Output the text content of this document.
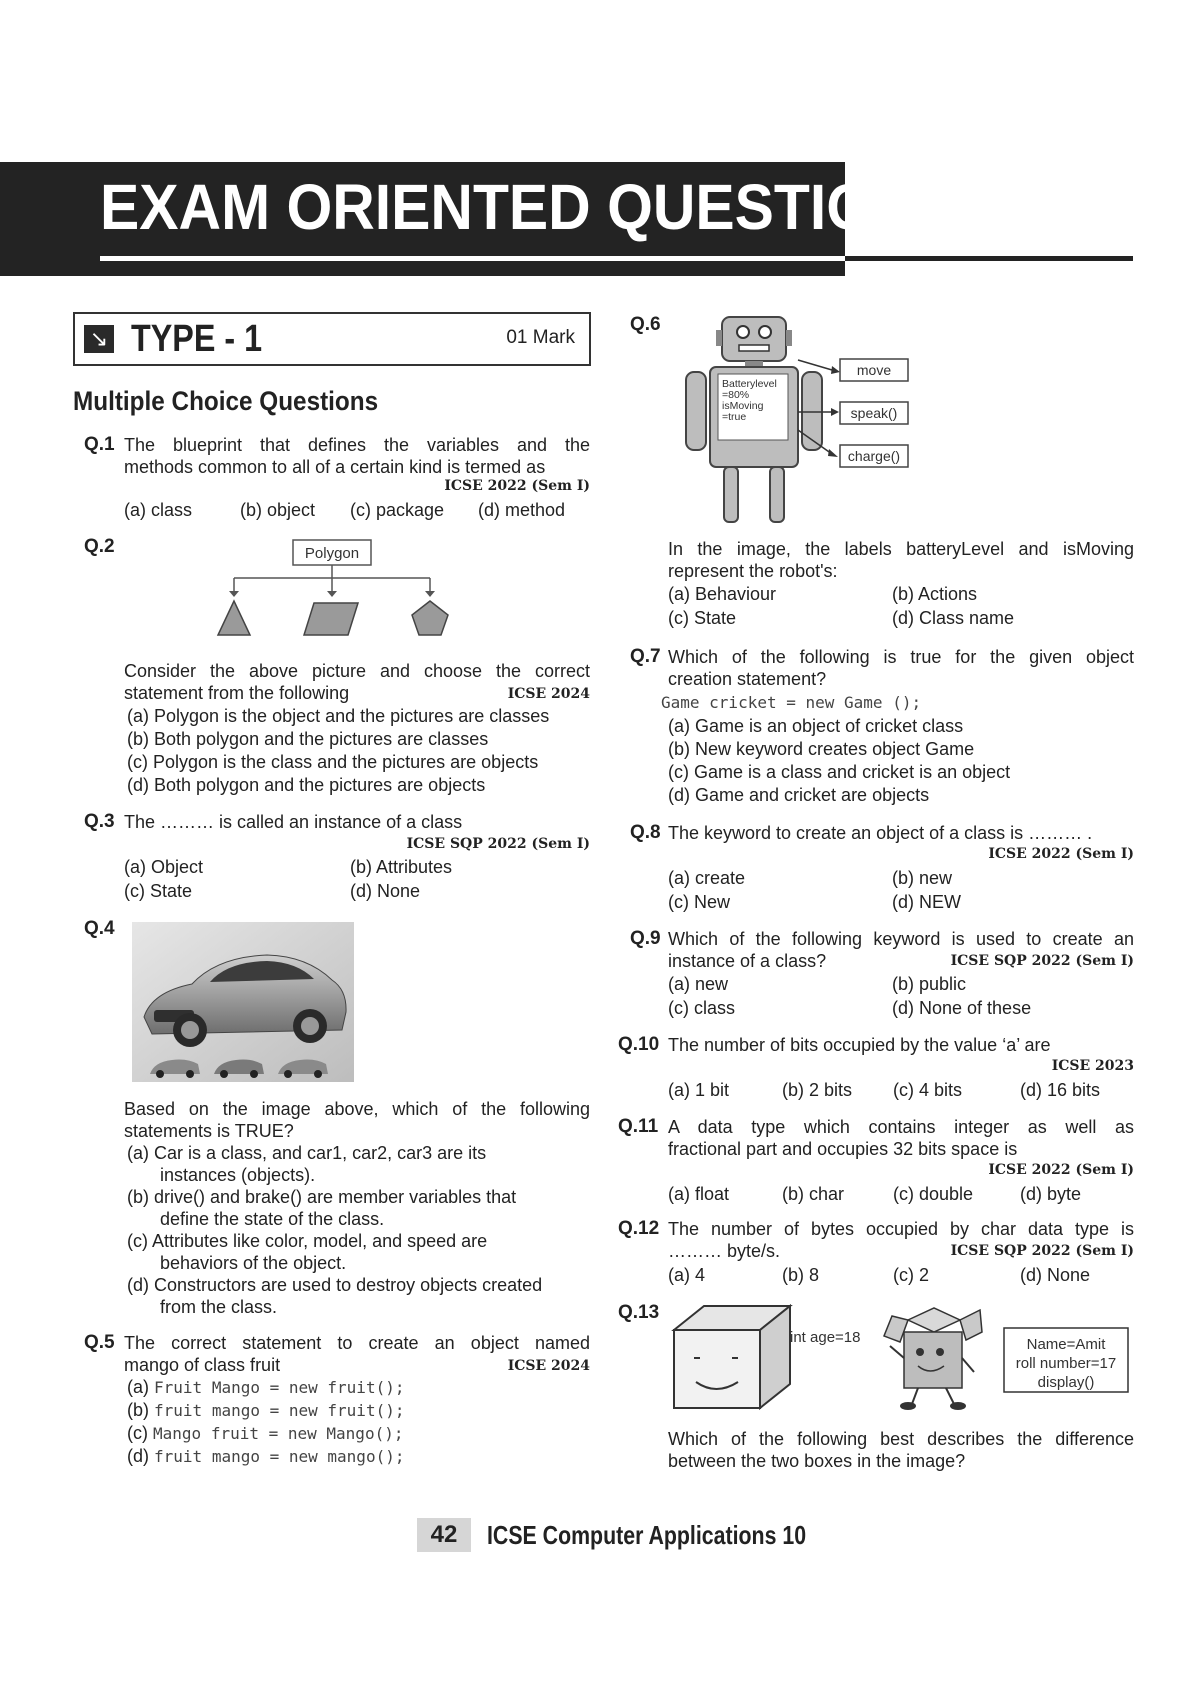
EXAM ORIENTED QUESTIONS
↘ TYPE - 1	01 Mark
Multiple Choice Questions
Q.1 The blueprint that defines the variables and the
methods common to all of a certain kind is termed as
ICSE 2022 (Sem I)
(a) class	(b) object (c) package (d) method
Q.2	Polygon
Consider the above picture and choose the correct
statement from the following	ICSE 2024
(a) Polygon is the object and the pictures are classes
(b) Both polygon and the pictures are classes
(c) Polygon is the class and the pictures are objects
(d) Both polygon and the pictures are objects
Q.3 The ……… is called an instance of a class
ICSE SQP 2022 (Sem I)
(a) Object	(b) Attributes
(c) State	(d) None
Q.4
Based on the image above, which of the following
statements is TRUE?
(a) Car is a class, and car1, car2, car3 are its
instances (objects).
(b) drive() and brake() are member variables that
define the state of the class.
(c) Attributes like color, model, and speed are
behaviors of the object.
(d) Constructors are used to destroy objects created
from the class.
Q.5 The correct statement to create an object named
mango of class fruit	ICSE 2024
(a) Fruit Mango = new fruit();
(b) fruit mango = new fruit();
(c) Mango fruit = new Mango();
(d) fruit mango = new mango();
Q.6
Batterylevel
=80%
isMoving
=true
move
speak()
charge()
In the image, the labels batteryLevel and isMoving
represent the robot's:
(a) Behaviour	(b) Actions
(c) State	(d) Class name
Q.7 Which of the following is true for the given object
creation statement?
Game cricket = new Game ();
(a) Game is an object of cricket class
(b) New keyword creates object Game
(c) Game is a class and cricket is an object
(d) Game and cricket are objects
Q.8 The keyword to create an object of a class is ……… .
ICSE 2022 (Sem I)
(a) create	(b) new
(c) New	(d) NEW
Q.9 Which of the following keyword is used to create an
instance of a class?	ICSE SQP 2022 (Sem I)
(a) new	(b) public
(c) class	(d) None of these
Q.10 The number of bits occupied by the value ‘a’ are
ICSE 2023
(a) 1 bit	(b) 2 bits (c) 4 bits	(d) 16 bits
Q.11 A data type which contains integer as well as
fractional part and occupies 32 bits space is
ICSE 2022 (Sem I)
(a) float	(b) char	(c) double	(d) byte
Q.12 The number of bytes occupied by char data type is
……… byte/s.	ICSE SQP 2022 (Sem I)
(a) 4	(b) 8	(c) 2	(d) None
Q.13
int age=18	Name=Amit
roll number=17
display()
Which of the following best describes the difference
between the two boxes in the image?
42	ICSE Computer Applications 10
